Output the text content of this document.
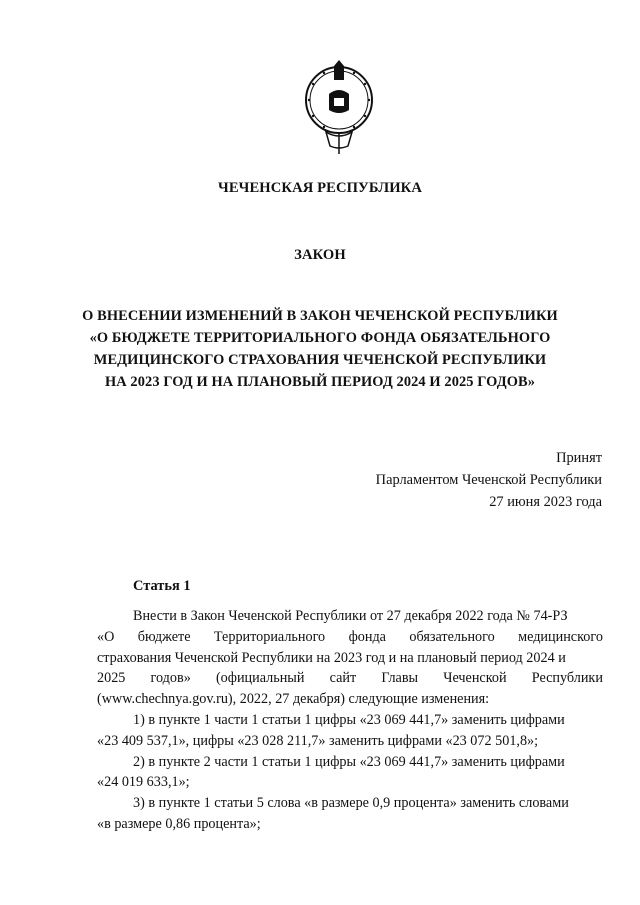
ЧЕЧЕНСКАЯ РЕСПУБЛИКА
ЗАКОН
О ВНЕСЕНИИ ИЗМЕНЕНИЙ В ЗАКОН ЧЕЧЕНСКОЙ РЕСПУБЛИКИ
«О БЮДЖЕТЕ ТЕРРИТОРИАЛЬНОГО ФОНДА ОБЯЗАТЕЛЬНОГО
МЕДИЦИНСКОГО СТРАХОВАНИЯ ЧЕЧЕНСКОЙ РЕСПУБЛИКИ
НА 2023 ГОД И НА ПЛАНОВЫЙ ПЕРИОД 2024 И 2025 ГОДОВ»
Принят
Парламентом Чеченской Республики
27 июня 2023 года
Статья 1
Внести в Закон Чеченской Республики от 27 декабря 2022 года № 74-РЗ
«О бюджете Территориального фонда обязательного медицинского
страхования Чеченской Республики на 2023 год и на плановый период 2024 и
2025 годов» (официальный сайт Главы Чеченской Республики
(www.chechnya.gov.ru), 2022, 27 декабря) следующие изменения:
1) в пункте 1 части 1 статьи 1 цифры «23 069 441,7» заменить цифрами
«23 409 537,1», цифры «23 028 211,7» заменить цифрами «23 072 501,8»;
2) в пункте 2 части 1 статьи 1 цифры «23 069 441,7» заменить цифрами
«24 019 633,1»;
3) в пункте 1 статьи 5 слова «в размере 0,9 процента» заменить словами
«в размере 0,86 процента»;
